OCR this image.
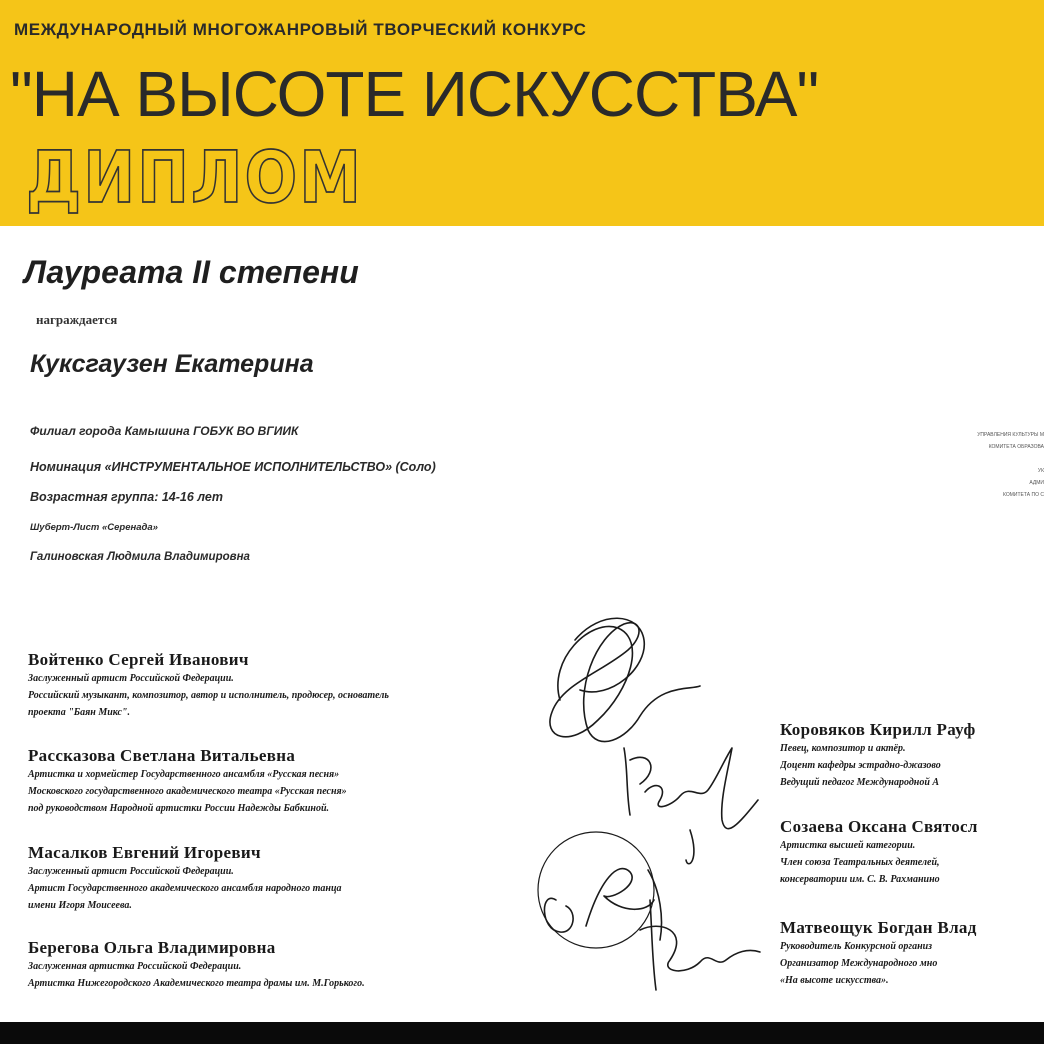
МЕЖДУНАРОДНЫЙ МНОГОЖАНРОВЫЙ ТВОРЧЕСКИЙ КОНКУРС
"НА ВЫСОТЕ ИСКУССТВА"
ДИПЛОМ
Лауреата II степени
награждается
Куксгаузен Екатерина
Филиал города Камышина ГОБУК ВО ВГИИК
Номинация «ИНСТРУМЕНТАЛЬНОЕ ИСПОЛНИТЕЛЬСТВО» (Соло)
Возрастная группа: 14-16 лет
Шуберт-Лист «Серенада»
Галиновская Людмила Владимировна
УПРАВЛЕНИЯ КУЛЬТУРЫ М
КОМИТЕТА ОБРАЗОВА
УК
АДМИ
КОМИТЕТА ПО С
Войтенко Сергей Иванович
Заслуженный артист Российской Федерации.
Российский музыкант, композитор, автор и исполнитель, продюсер, основатель
проекта "Баян Микс".
Рассказова Светлана Витальевна
Артистка и хормейстер Государственного ансамбля «Русская песня»
Московского государственного академического театра «Русская песня»
под руководством Народной артистки России Надежды Бабкиной.
Масалков Евгений Игоревич
Заслуженный артист Российской Федерации.
Артист Государственного академического ансамбля народного танца
имени Игоря Моисеева.
Берегова Ольга Владимировна
Заслуженная артистка Российской Федерации.
Артистка Нижегородского Академического театра драмы им. М.Горького.
Коровяков Кирилл Рауф
Певец, композитор и актёр.
Доцент кафедры эстрадно-джазово
Ведущий педагог Международной А
Созаева Оксана Святосл
Артистка высшей категории.
Член союза Театральных деятелей,
консерватории им. С. В. Рахманино
Матвеощук Богдан Влад
Руководитель Конкурсной организ
Организатор Международного мно
«На высоте искусства».
